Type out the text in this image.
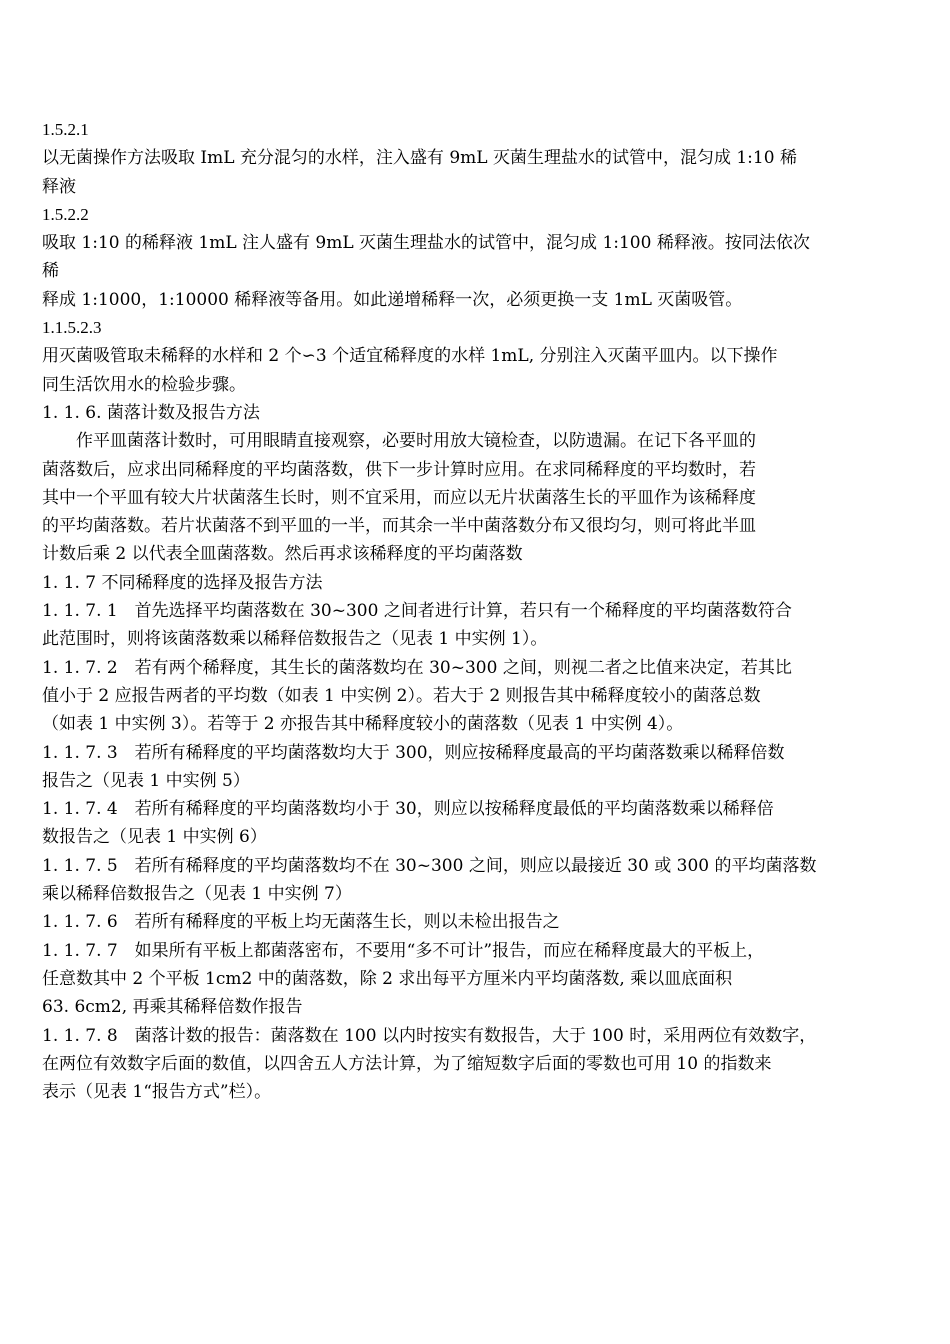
1.5.2.1
以无菌操作方法吸取 ImL 充分混匀的水样，注入盛有 9mL 灭菌生理盐水的试管中，混匀成 1:10 稀
释液
1.5.2.2
吸取 1:10 的稀释液 1mL 注人盛有 9mL 灭菌生理盐水的试管中，混匀成 1:100 稀释液。按同法依次
稀
释成 1:1000，1:10000 稀释液等备用。如此递增稀释一次，必须更换一支 1mL 灭菌吸管。
1.1.5.2.3
用灭菌吸管取未稀释的水样和 2 个∽3 个适宜稀释度的水样 1mL, 分别注入灭菌平皿内。以下操作
同生活饮用水的检验步骤。
1. 1. 6. 菌落计数及报告方法
作平皿菌落计数时，可用眼睛直接观察，必要时用放大镜检查，以防遗漏。在记下各平皿的
菌落数后，应求出同稀释度的平均菌落数，供下一步计算时应用。在求同稀释度的平均数时，若
其中一个平皿有较大片状菌落生长时，则不宜采用，而应以无片状菌落生长的平皿作为该稀释度
的平均菌落数。若片状菌落不到平皿的一半，而其余一半中菌落数分布又很均匀，则可将此半皿
计数后乘 2 以代表全皿菌落数。然后再求该稀释度的平均菌落数
1. 1. 7 不同稀释度的选择及报告方法
1. 1. 7. 1　首先选择平均菌落数在 30~300 之间者进行计算，若只有一个稀释度的平均菌落数符合
此范围时，则将该菌落数乘以稀释倍数报告之（见表 1 中实例 1）。
1. 1. 7. 2　若有两个稀释度，其生长的菌落数均在 30~300 之间，则视二者之比值来决定，若其比
值小于 2 应报告两者的平均数（如表 1 中实例 2）。若大于 2 则报告其中稀释度较小的菌落总数
（如表 1 中实例 3）。若等于 2 亦报告其中稀释度较小的菌落数（见表 1 中实例 4）。
1. 1. 7. 3　若所有稀释度的平均菌落数均大于 300，则应按稀释度最高的平均菌落数乘以稀释倍数
报告之（见表 1 中实例 5）
1. 1. 7. 4　若所有稀释度的平均菌落数均小于 30，则应以按稀释度最低的平均菌落数乘以稀释倍
数报告之（见表 1 中实例 6）
1. 1. 7. 5　若所有稀释度的平均菌落数均不在 30~300 之间，则应以最接近 30 或 300 的平均菌落数
乘以稀释倍数报告之（见表 1 中实例 7）
1. 1. 7. 6　若所有稀释度的平板上均无菌落生长，则以未检出报告之
1. 1. 7. 7　如果所有平板上都菌落密布，不要用“多不可计”报告，而应在稀释度最大的平板上，
任意数其中 2 个平板 1cm2 中的菌落数，除 2 求出每平方厘米内平均菌落数, 乘以皿底面积
63. 6cm2, 再乘其稀释倍数作报告
1. 1. 7. 8　菌落计数的报告：菌落数在 100 以内时按实有数报告，大于 100 时，采用两位有效数字，
在两位有效数字后面的数值，以四舍五人方法计算，为了缩短数字后面的零数也可用 10 的指数来
表示（见表 1“报告方式”栏）。
